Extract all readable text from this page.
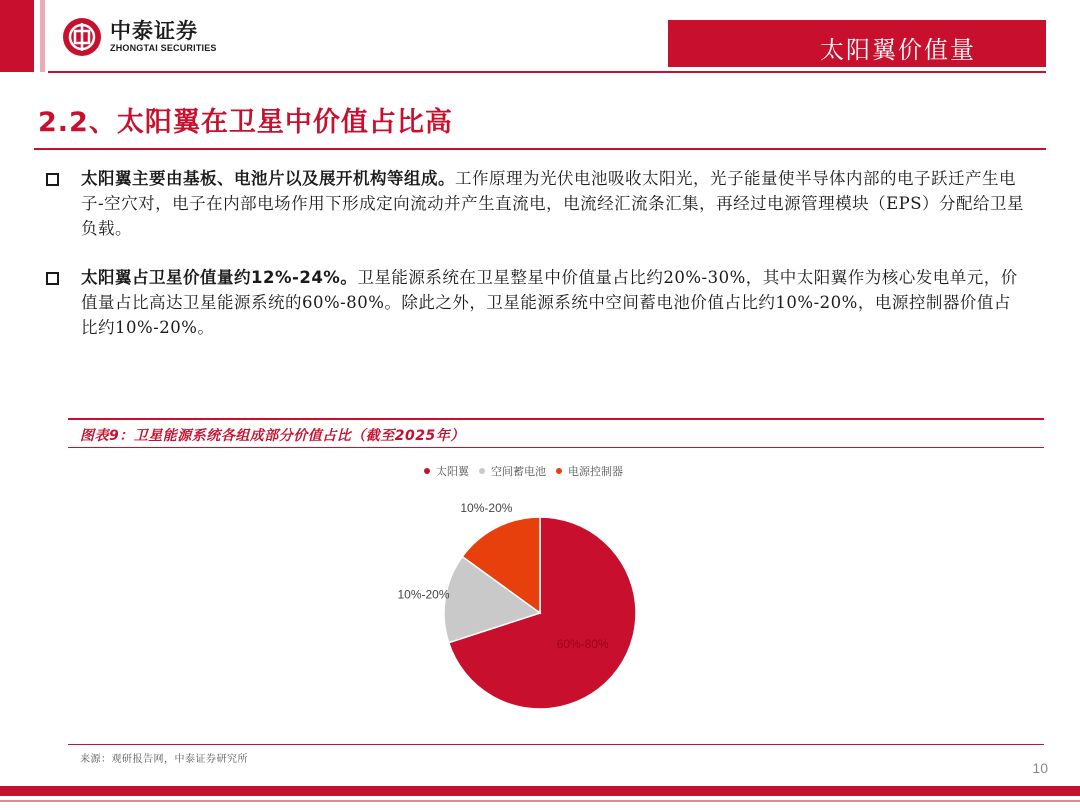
中泰证券
ZHONGTAI SECURITIES	太阳翼价值量
2.2、太阳翼在卫星中价值占比高
太阳翼主要由基板、电池片以及展开机构等组成。工作原理为光伏电池吸收太阳光，光子能量使半导体内部的电子跃迁产生电子-空穴对，电子在内部电场作用下形成定向流动并产生直流电，电流经汇流条汇集，再经过电源管理模块（EPS）分配给卫星负载。
太阳翼占卫星价值量约12%-24%。卫星能源系统在卫星整星中价值量占比约20%-30%，其中太阳翼作为核心发电单元，价值量占比高达卫星能源系统的60%-80%。除此之外，卫星能源系统中空间蓄电池价值占比约10%-20%，电源控制器价值占比约10%-20%。
图表9：卫星能源系统各组成部分价值占比（截至2025年）
太阳翼 空间蓄电池 电源控制器
60%-80%
10%-20%
10%-20%
来源：观研报告网，中泰证券研究所
10
